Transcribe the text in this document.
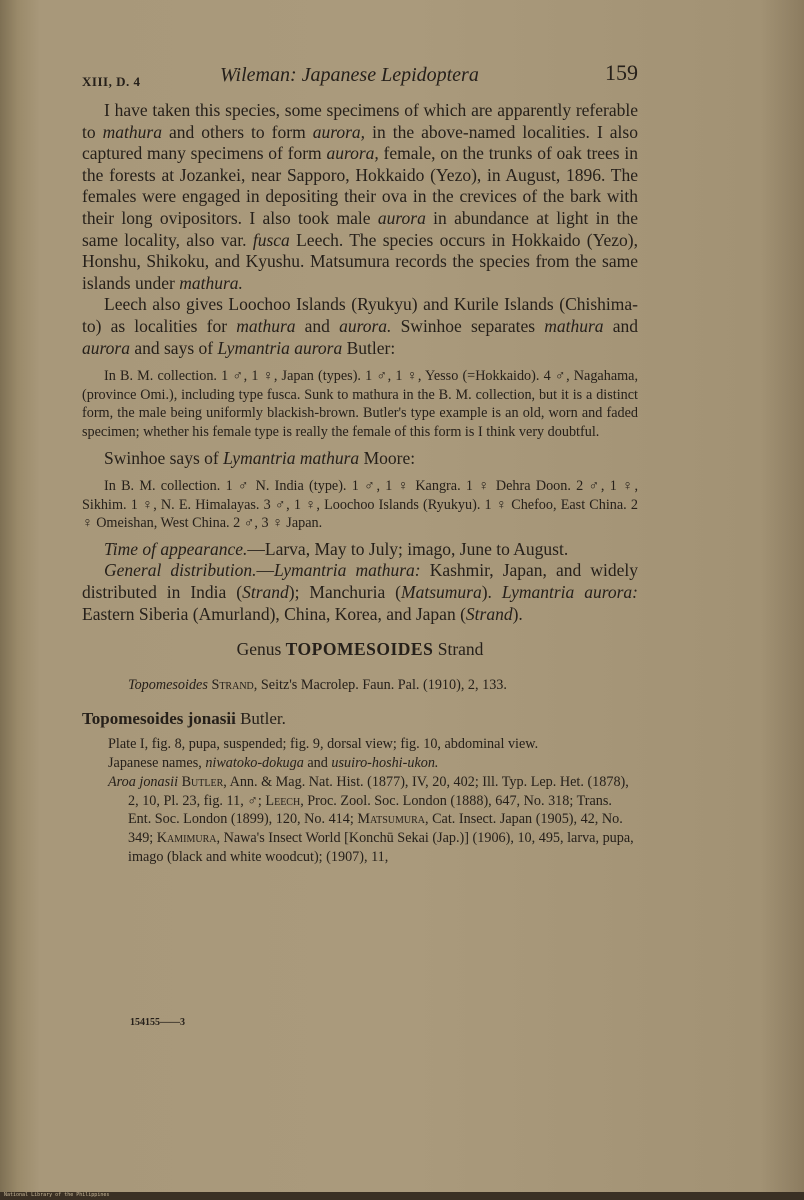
XIII, D. 4	Wileman: Japanese Lepidoptera	159

I have taken this species, some specimens of which are apparently referable to mathura and others to form aurora, in the above-named localities. I also captured many specimens of form aurora, female, on the trunks of oak trees in the forests at Jozankei, near Sapporo, Hokkaido (Yezo), in August, 1896. The females were engaged in depositing their ova in the crevices of the bark with their long ovipositors. I also took male aurora in abundance at light in the same locality, also var. fusca Leech. The species occurs in Hokkaido (Yezo), Honshu, Shikoku, and Kyushu. Matsumura records the species from the same islands under mathura.

Leech also gives Loochoo Islands (Ryukyu) and Kurile Islands (Chishima-to) as localities for mathura and aurora. Swinhoe separates mathura and aurora and says of Lymantria aurora Butler:

In B. M. collection. 1 ♂, 1 ♀, Japan (types). 1 ♂, 1 ♀, Yesso (=Hokkaido). 4 ♂, Nagahama, (province Omi.), including type fusca. Sunk to mathura in the B. M. collection, but it is a distinct form, the male being uniformly blackish-brown. Butler's type example is an old, worn and faded specimen; whether his female type is really the female of this form is I think very doubtful.

Swinhoe says of Lymantria mathura Moore:

In B. M. collection. 1 ♂ N. India (type). 1 ♂, 1 ♀ Kangra. 1 ♀ Dehra Doon. 2 ♂, 1 ♀, Sikhim. 1 ♀, N. E. Himalayas. 3 ♂, 1 ♀, Loochoo Islands (Ryukyu). 1 ♀ Chefoo, East China. 2 ♀ Omeishan, West China. 2 ♂, 3 ♀ Japan.

Time of appearance.—Larva, May to July; imago, June to August.

General distribution.—Lymantria mathura: Kashmir, Japan, and widely distributed in India (Strand); Manchuria (Matsumura). Lymantria aurora: Eastern Siberia (Amurland), China, Korea, and Japan (Strand).

Genus TOPOMESOIDES Strand

Topomesoides Strand, Seitz's Macrolep. Faun. Pal. (1910), 2, 133.

Topomesoides jonasii Butler.

Plate I, fig. 8, pupa, suspended; fig. 9, dorsal view; fig. 10, abdominal view.

Japanese names, niwatoko-dokuga and usuiro-hoshi-ukon.

Aroa jonasii Butler, Ann. & Mag. Nat. Hist. (1877), IV, 20, 402; Ill. Typ. Lep. Het. (1878), 2, 10, Pl. 23, fig. 11, ♂; Leech, Proc. Zool. Soc. London (1888), 647, No. 318; Trans. Ent. Soc. London (1899), 120, No. 414; Matsumura, Cat. Insect. Japan (1905), 42, No. 349; Kamimura, Nawa's Insect World [Konchū Sekai (Jap.)] (1906), 10, 495, larva, pupa, imago (black and white woodcut); (1907), 11,

154155——3
National Library of the Philippines
